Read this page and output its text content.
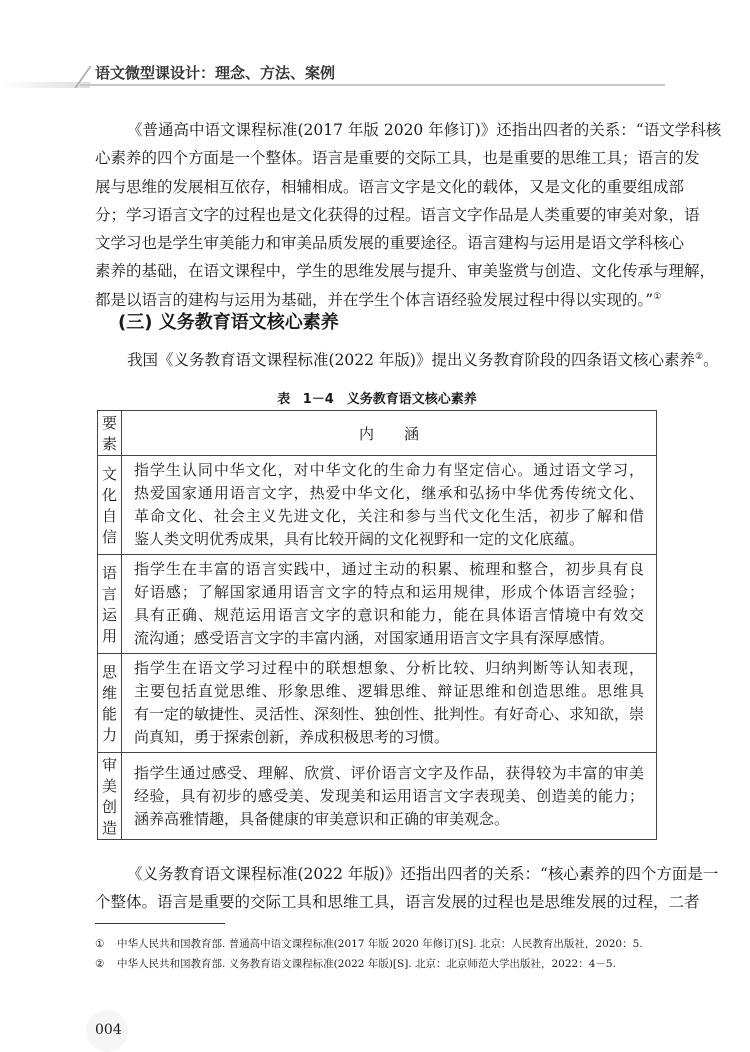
语文微型课设计：理念、方法、案例
《普通高中语文课程标准(2017 年版 2020 年修订)》还指出四者的关系：“语文学科核
心素养的四个方面是一个整体。语言是重要的交际工具，也是重要的思维工具；语言的发
展与思维的发展相互依存，相辅相成。语言文字是文化的载体，又是文化的重要组成部
分；学习语言文字的过程也是文化获得的过程。语言文字作品是人类重要的审美对象，语
文学习也是学生审美能力和审美品质发展的重要途径。语言建构与运用是语文学科核心
素养的基础，在语文课程中，学生的思维发展与提升、审美鉴赏与创造、文化传承与理解，
都是以语言的建构与运用为基础，并在学生个体言语经验发展过程中得以实现的。”①
(三) 义务教育语文核心素养
我国《义务教育语文课程标准(2022 年版)》提出义务教育阶段的四条语文核心素养②。
表 1－4　义务教育语文核心素养
要素	内　　涵
文化自信	指学生认同中华文化，对中华文化的生命力有坚定信心。通过语文学习，
热爱国家通用语言文字，热爱中华文化，继承和弘扬中华优秀传统文化、
革命文化、社会主义先进文化，关注和参与当代文化生活，初步了解和借
鉴人类文明优秀成果，具有比较开阔的文化视野和一定的文化底蕴。

语言运用	指学生在丰富的语言实践中，通过主动的积累、梳理和整合，初步具有良
好语感；了解国家通用语言文字的特点和运用规律，形成个体语言经验；
具有正确、规范运用语言文字的意识和能力，能在具体语言情境中有效交
流沟通；感受语言文字的丰富内涵，对国家通用语言文字具有深厚感情。

思维能力	指学生在语文学习过程中的联想想象、分析比较、归纳判断等认知表现，
主要包括直觉思维、形象思维、逻辑思维、辩证思维和创造思维。思维具
有一定的敏捷性、灵活性、深刻性、独创性、批判性。有好奇心、求知欲，崇
尚真知，勇于探索创新，养成积极思考的习惯。

审美创造	指学生通过感受、理解、欣赏、评价语言文字及作品，获得较为丰富的审美
经验，具有初步的感受美、发现美和运用语言文字表现美、创造美的能力；
涵养高雅情趣，具备健康的审美意识和正确的审美观念。
《义务教育语文课程标准(2022 年版)》还指出四者的关系：“核心素养的四个方面是一
个整体。语言是重要的交际工具和思维工具，语言发展的过程也是思维发展的过程，二者
① 中华人民共和国教育部. 普通高中语文课程标准(2017 年版 2020 年修订)[S]. 北京：人民教育出版社，2020：5.
② 中华人民共和国教育部. 义务教育语文课程标准(2022 年版)[S]. 北京：北京师范大学出版社，2022：4－5.
004
